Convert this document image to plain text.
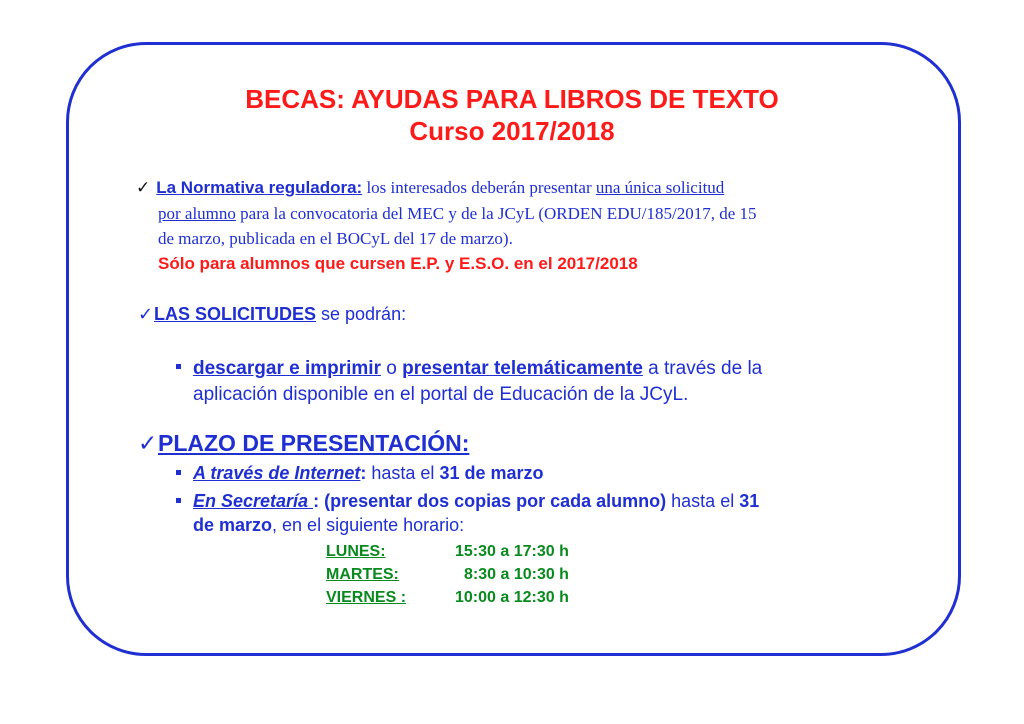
BECAS: AYUDAS PARA LIBROS DE TEXTO
Curso 2017/2018
✓ La Normativa reguladora: los interesados deberán presentar una única solicitud
por alumno para la convocatoria del MEC y de la JCyL (ORDEN EDU/185/2017, de 15
de marzo, publicada en el BOCyL del 17 de marzo).
Sólo para alumnos que cursen E.P. y E.S.O. en el 2017/2018
✓LAS SOLICITUDES se podrán:
descargar e imprimir o presentar telemáticamente a través de la
aplicación disponible en el portal de Educación de la JCyL.
✓PLAZO DE PRESENTACIÓN:
A través de Internet: hasta el 31 de marzo
En Secretaría : (presentar dos copias por cada alumno) hasta el 31
de marzo, en el siguiente horario:
LUNES:	15:30 a 17:30 h
MARTES:	8:30 a 10:30 h
VIERNES :	10:00 a 12:30 h
